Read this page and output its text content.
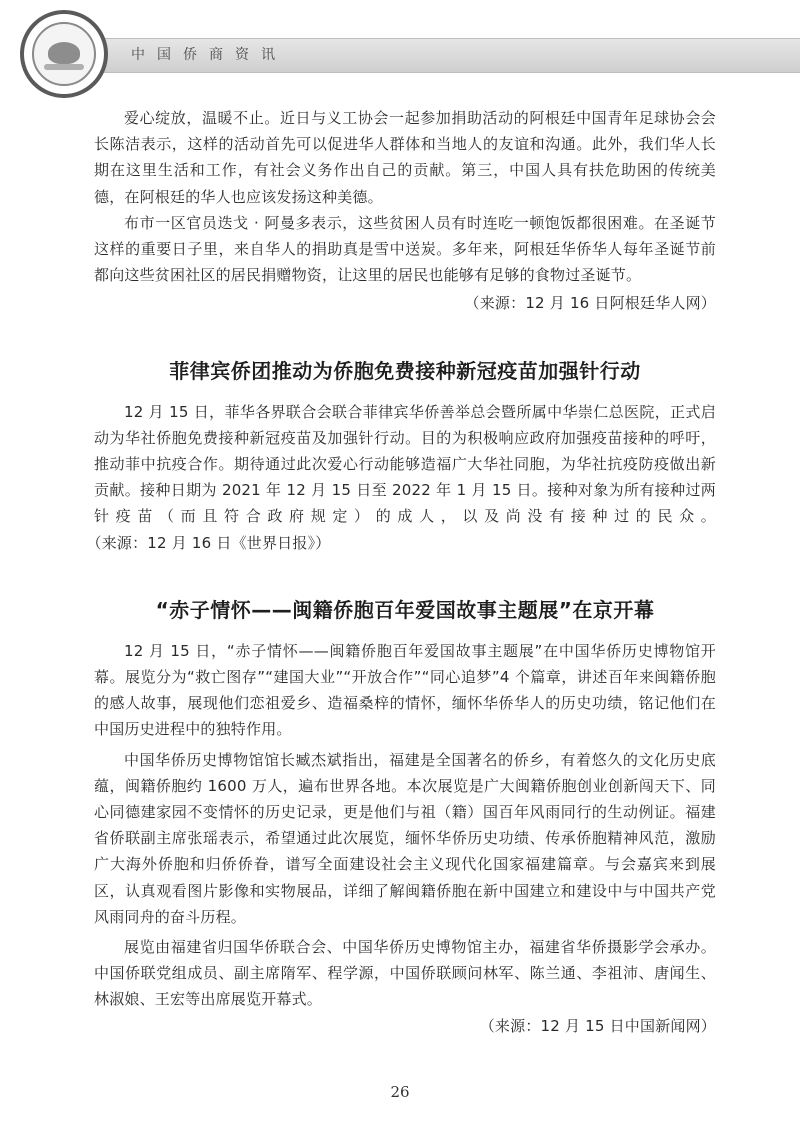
中国侨商资讯

爱心绽放，温暖不止。近日与义工协会一起参加捐助活动的阿根廷中国青年足球协会会长陈洁表示，这样的活动首先可以促进华人群体和当地人的友谊和沟通。此外，我们华人长期在这里生活和工作，有社会义务作出自己的贡献。第三，中国人具有扶危助困的传统美德，在阿根廷的华人也应该发扬这种美德。

布市一区官员迭戈 · 阿曼多表示，这些贫困人员有时连吃一顿饱饭都很困难。在圣诞节这样的重要日子里，来自华人的捐助真是雪中送炭。多年来，阿根廷华侨华人每年圣诞节前都向这些贫困社区的居民捐赠物资，让这里的居民也能够有足够的食物过圣诞节。

（来源：12 月 16 日阿根廷华人网）

菲律宾侨团推动为侨胞免费接种新冠疫苗加强针行动

12 月 15 日，菲华各界联合会联合菲律宾华侨善举总会暨所属中华崇仁总医院，正式启动为华社侨胞免费接种新冠疫苗及加强针行动。目的为积极响应政府加强疫苗接种的呼吁，推动菲中抗疫合作。期待通过此次爱心行动能够造福广大华社同胞，为华社抗疫防疫做出新贡献。接种日期为 2021 年 12 月 15 日至 2022 年 1 月 15 日。接种对象为所有接种过两针疫苗（而且符合政府规定）的成人，以及尚没有接种过的民众。（来源：12 月 16 日《世界日报》）

“赤子情怀——闽籍侨胞百年爱国故事主题展”在京开幕

12 月 15 日，“赤子情怀——闽籍侨胞百年爱国故事主题展”在中国华侨历史博物馆开幕。展览分为“救亡图存”“建国大业”“开放合作”“同心追梦”4 个篇章，讲述百年来闽籍侨胞的感人故事，展现他们恋祖爱乡、造福桑梓的情怀，缅怀华侨华人的历史功绩，铭记他们在中国历史进程中的独特作用。

中国华侨历史博物馆馆长臧杰斌指出，福建是全国著名的侨乡，有着悠久的文化历史底蕴，闽籍侨胞约 1600 万人，遍布世界各地。本次展览是广大闽籍侨胞创业创新闯天下、同心同德建家园不变情怀的历史记录，更是他们与祖（籍）国百年风雨同行的生动例证。福建省侨联副主席张瑶表示，希望通过此次展览，缅怀华侨历史功绩、传承侨胞精神风范，激励广大海外侨胞和归侨侨眷，谱写全面建设社会主义现代化国家福建篇章。与会嘉宾来到展区，认真观看图片影像和实物展品，详细了解闽籍侨胞在新中国建立和建设中与中国共产党风雨同舟的奋斗历程。

展览由福建省归国华侨联合会、中国华侨历史博物馆主办，福建省华侨摄影学会承办。中国侨联党组成员、副主席隋军、程学源，中国侨联顾问林军、陈兰通、李祖沛、唐闻生、林淑娘、王宏等出席展览开幕式。

（来源：12 月 15 日中国新闻网）

26
